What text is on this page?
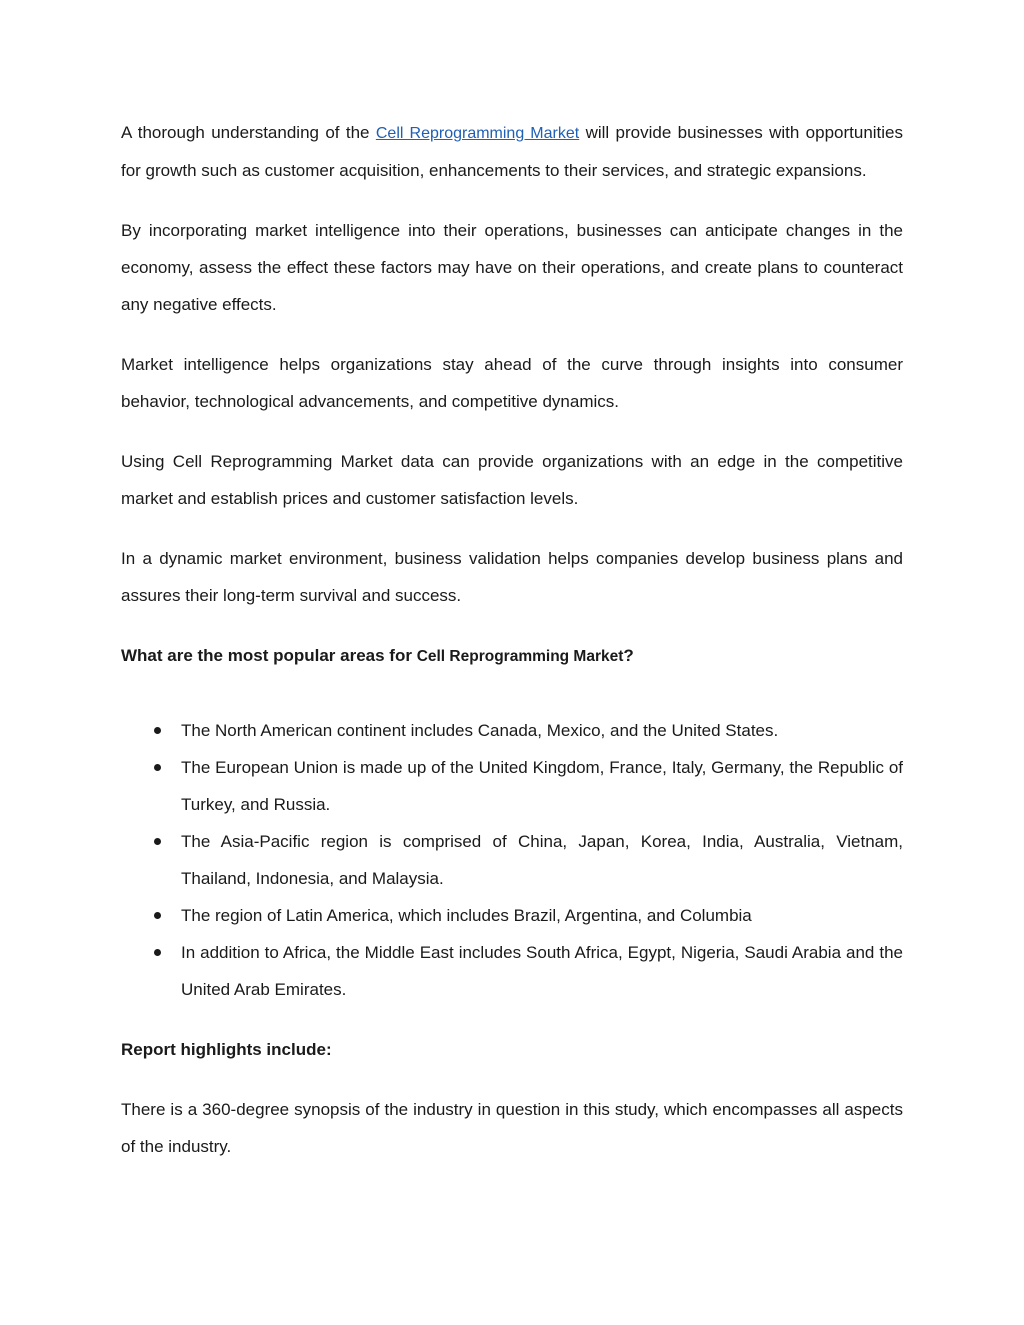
A thorough understanding of the Cell Reprogramming Market will provide businesses with opportunities for growth such as customer acquisition, enhancements to their services, and strategic expansions.

By incorporating market intelligence into their operations, businesses can anticipate changes in the economy, assess the effect these factors may have on their operations, and create plans to counteract any negative effects.

Market intelligence helps organizations stay ahead of the curve through insights into consumer behavior, technological advancements, and competitive dynamics.

Using Cell Reprogramming Market data can provide organizations with an edge in the competitive market and establish prices and customer satisfaction levels.

In a dynamic market environment, business validation helps companies develop business plans and assures their long-term survival and success.

What are the most popular areas for Cell Reprogramming Market?

The North American continent includes Canada, Mexico, and the United States.
The European Union is made up of the United Kingdom, France, Italy, Germany, the Republic of Turkey, and Russia.
The Asia-Pacific region is comprised of China, Japan, Korea, India, Australia, Vietnam, Thailand, Indonesia, and Malaysia.
The region of Latin America, which includes Brazil, Argentina, and Columbia
In addition to Africa, the Middle East includes South Africa, Egypt, Nigeria, Saudi Arabia and the United Arab Emirates.

Report highlights include:

There is a 360-degree synopsis of the industry in question in this study, which encompasses all aspects of the industry.
